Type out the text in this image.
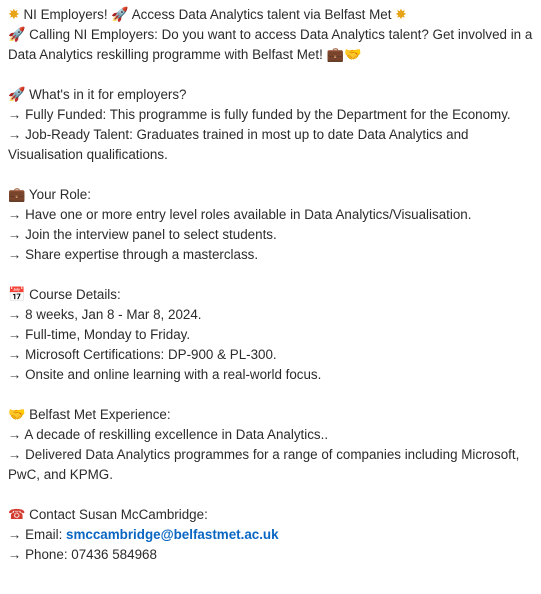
✸ NI Employers! 🚀 Access Data Analytics talent via Belfast Met ✸
🚀 Calling NI Employers: Do you want to access Data Analytics talent? Get involved in a Data Analytics reskilling programme with Belfast Met! 💼🤝
🚀 What's in it for employers?
→ Fully Funded: This programme is fully funded by the Department for the Economy.
→ Job-Ready Talent: Graduates trained in most up to date Data Analytics and Visualisation qualifications.
💼 Your Role:
→ Have one or more entry level roles available in Data Analytics/Visualisation.
→ Join the interview panel to select students.
→ Share expertise through a masterclass.
📅 Course Details:
→ 8 weeks, Jan 8 - Mar 8, 2024.
→ Full-time, Monday to Friday.
→ Microsoft Certifications: DP-900 & PL-300.
→ Onsite and online learning with a real-world focus.
🤝 Belfast Met Experience:
→ A decade of reskilling excellence in Data Analytics..
→ Delivered Data Analytics programmes for a range of companies including Microsoft, PwC, and KPMG.
☎ Contact Susan McCambridge:
→ Email: smccambridge@belfastmet.ac.uk
→ Phone: 07436 584968
